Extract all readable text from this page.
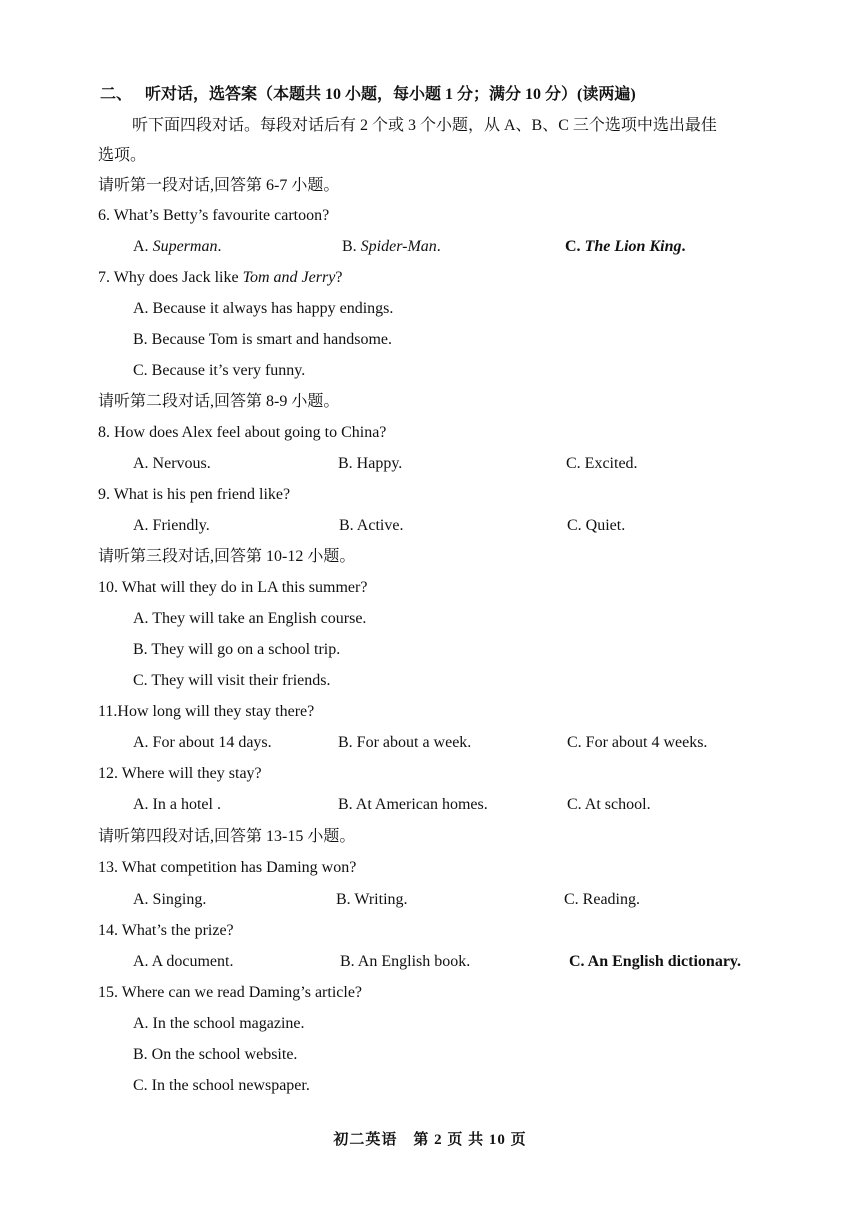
二、 听对话，选答案（本题共 10 小题，每小题 1 分；满分 10 分）(读两遍)
听下面四段对话。每段对话后有 2 个或 3 个小题，从 A、B、C 三个选项中选出最佳
选项。
请听第一段对话,回答第 6-7 小题。
6. What’s Betty’s favourite cartoon?
A. Superman.	B. Spider-Man.	C. The Lion King.
7. Why does Jack like Tom and Jerry?
A. Because it always has happy endings.
B. Because Tom is smart and handsome.
C. Because it’s very funny.
请听第二段对话,回答第 8-9 小题。
8. How does Alex feel about going to China?
A. Nervous.	B. Happy.	C. Excited.
9. What is his pen friend like?
A. Friendly.	B. Active.	C. Quiet.
请听第三段对话,回答第 10-12 小题。
10. What will they do in LA this summer?
A. They will take an English course.
B. They will go on a school trip.
C. They will visit their friends.
11.How long will they stay there?
A. For about 14 days.	B. For about a week.	C. For about 4 weeks.
12. Where will they stay?
A. In a hotel .	B. At American homes.	C. At school.
请听第四段对话,回答第 13-15 小题。
13. What competition has Daming won?
A. Singing.	B. Writing.	C. Reading.
14. What’s the prize?
A. A document.	B. An English book.	C. An English dictionary.
15. Where can we read Daming’s article?
A. In the school magazine.
B. On the school website.
C. In the school newspaper.
初二英语　第 2 页 共 10 页
